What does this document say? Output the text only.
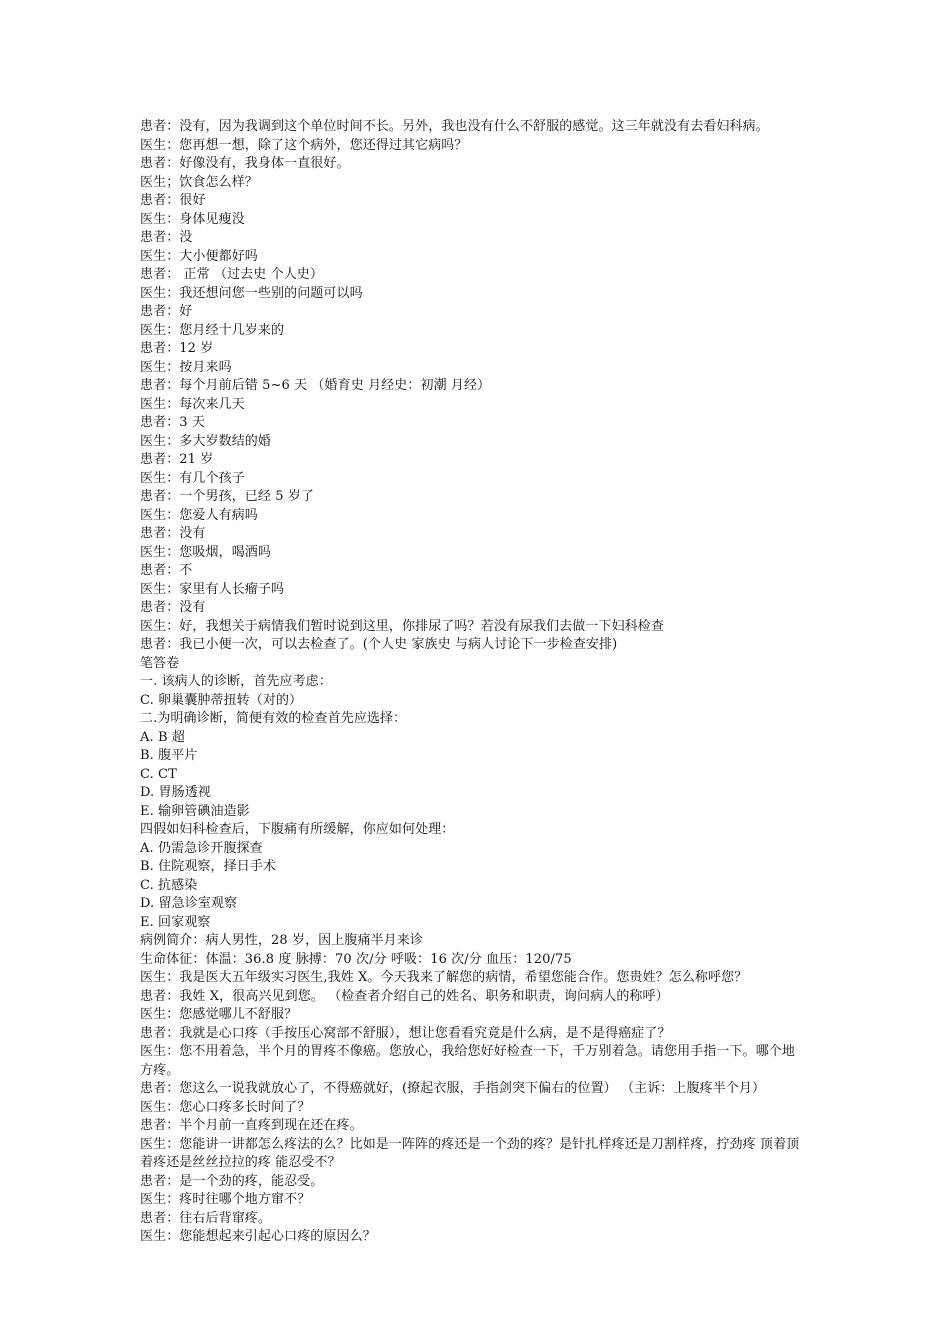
患者：没有，因为我调到这个单位时间不长。另外，我也没有什么不舒服的感觉。这三年就没有去看妇科病。
医生：您再想一想，除了这个病外，您还得过其它病吗？
患者：好像没有，我身体一直很好。
医生；饮食怎么样？
患者：很好
医生：身体见瘦没
患者：没
医生：大小便都好吗
患者： 正常 （过去史 个人史）
医生：我还想问您一些别的问题可以吗
患者：好
医生：您月经十几岁来的
患者：12 岁
医生：按月来吗
患者：每个月前后错 5~6 天 （婚育史 月经史：初潮 月经）
医生：每次来几天
患者：3 天
医生：多大岁数结的婚
患者：21 岁
医生：有几个孩子
患者：一个男孩，已经 5 岁了
医生：您爱人有病吗
患者：没有
医生：您吸烟，喝酒吗
患者：不
医生：家里有人长瘤子吗
患者：没有
医生：好，我想关于病情我们暂时说到这里，你排尿了吗？若没有尿我们去做一下妇科检查
患者：我已小便一次，可以去检查了。(个人史 家族史 与病人讨论下一步检查安排)
笔答卷
一. 该病人的诊断，首先应考虑：
C. 卵巢囊肿蒂扭转（对的）
二.为明确诊断，简便有效的检查首先应选择：
A. B 超
B. 腹平片
C. CT
D. 胃肠透视
E. 输卵管碘油造影
四假如妇科检查后，下腹痛有所缓解，你应如何处理：
A. 仍需急诊开腹探查
B. 住院观察，择日手术
C. 抗感染
D. 留急诊室观察
E. 回家观察
病例简介：病人男性，28 岁，因上腹痛半月来诊
生命体征：体温：36.8 度 脉搏：70 次/分 呼吸：16 次/分 血压：120/75
医生：我是医大五年级实习医生,我姓 X。今天我来了解您的病情，希望您能合作。您贵姓？怎么称呼您？
患者：我姓 X，很高兴见到您。 （检查者介绍自己的姓名、职务和职责，询问病人的称呼）
医生：您感觉哪儿不舒服？
患者：我就是心口疼（手按压心窝部不舒服），想让您看看究竟是什么病，是不是得癌症了？
医生：您不用着急，半个月的胃疼不像癌。您放心，我给您好好检查一下，千万别着急。请您用手指一下。哪个地
方疼。
患者：您这么一说我就放心了，不得癌就好，(撩起衣服，手指剑突下偏右的位置） （主诉：上腹疼半个月）
医生：您心口疼多长时间了？
患者：半个月前一直疼到现在还在疼。
医生：您能讲一讲都怎么疼法的么？比如是一阵阵的疼还是一个劲的疼？是针扎样疼还是刀割样疼，拧劲疼 顶着顶
着疼还是丝丝拉拉的疼 能忍受不？
患者：是一个劲的疼，能忍受。
医生：疼时往哪个地方窜不？
患者：往右后背窜疼。
医生：您能想起来引起心口疼的原因么？
